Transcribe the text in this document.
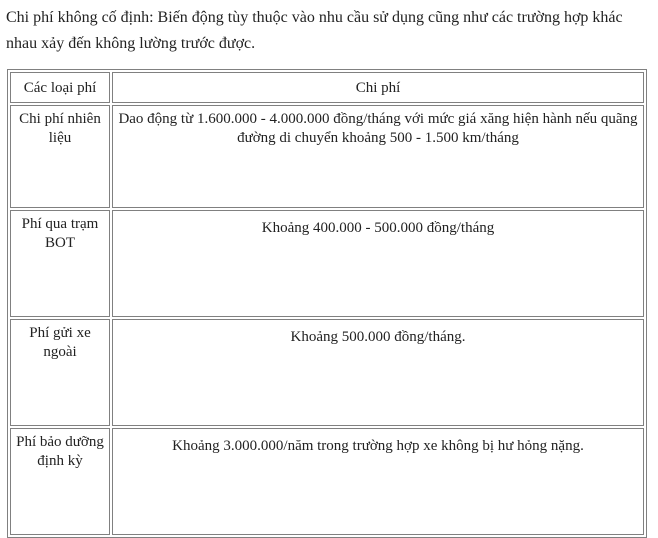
Chi phí không cố định: Biến động tùy thuộc vào nhu cầu sử dụng cũng như các trường hợp khác nhau xảy đến không lường trước được.

Các loại phí	Chi phí
Chi phí nhiên liệu	Dao động từ 1.600.000 - 4.000.000 đồng/tháng với mức giá xăng hiện hành nếu quãng đường di chuyển khoảng 500 - 1.500 km/tháng
Phí qua trạm BOT	Khoảng 400.000 - 500.000 đồng/tháng
Phí gửi xe ngoài	Khoảng 500.000 đồng/tháng.
Phí bảo dưỡng định kỳ	Khoảng 3.000.000/năm trong trường hợp xe không bị hư hỏng nặng.
